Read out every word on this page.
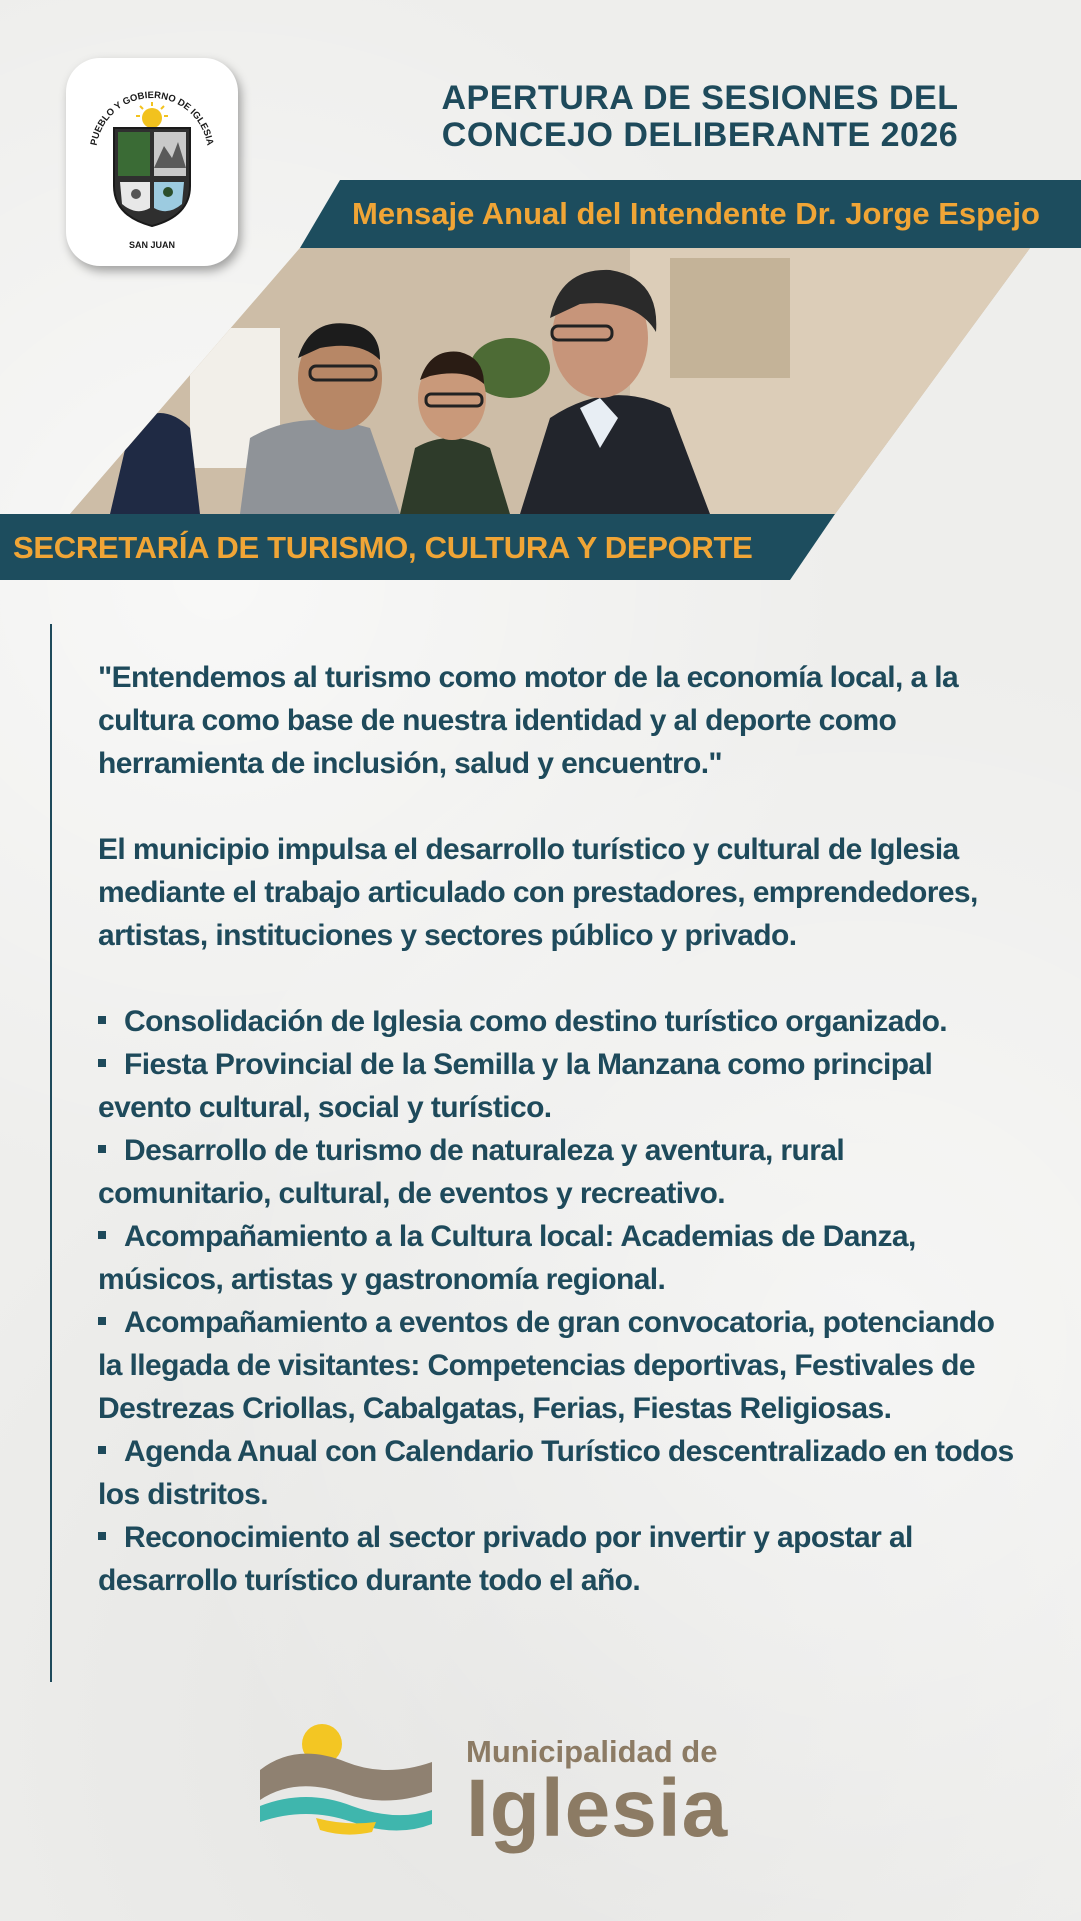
PUEBLO Y GOBIERNO DE IGLESIA
SAN JUAN
APERTURA DE SESIONES DEL
CONCEJO DELIBERANTE 2026
Mensaje Anual del Intendente Dr. Jorge Espejo
SECRETARÍA DE TURISMO, CULTURA Y DEPORTE

"Entendemos al turismo como motor de la economía local, a la cultura como base de nuestra identidad y al deporte como herramienta de inclusión, salud y encuentro."

El municipio impulsa el desarrollo turístico y cultural de Iglesia mediante el trabajo articulado con prestadores, emprendedores, artistas, instituciones y sectores público y privado.

Consolidación de Iglesia como destino turístico organizado.

Fiesta Provincial de la Semilla y la Manzana como principal evento cultural, social y turístico.

Desarrollo de turismo de naturaleza y aventura, rural comunitario, cultural, de eventos y recreativo.

Acompañamiento a la Cultura local: Academias de Danza, músicos, artistas y gastronomía regional.

Acompañamiento a eventos de gran convocatoria, potenciando la llegada de visitantes: Competencias deportivas, Festivales de Destrezas Criollas, Cabalgatas, Ferias, Fiestas Religiosas.

Agenda Anual con Calendario Turístico descentralizado en todos los distritos.

Reconocimiento al sector privado por invertir y apostar al desarrollo turístico durante todo el año.

Municipalidad de
Iglesia
